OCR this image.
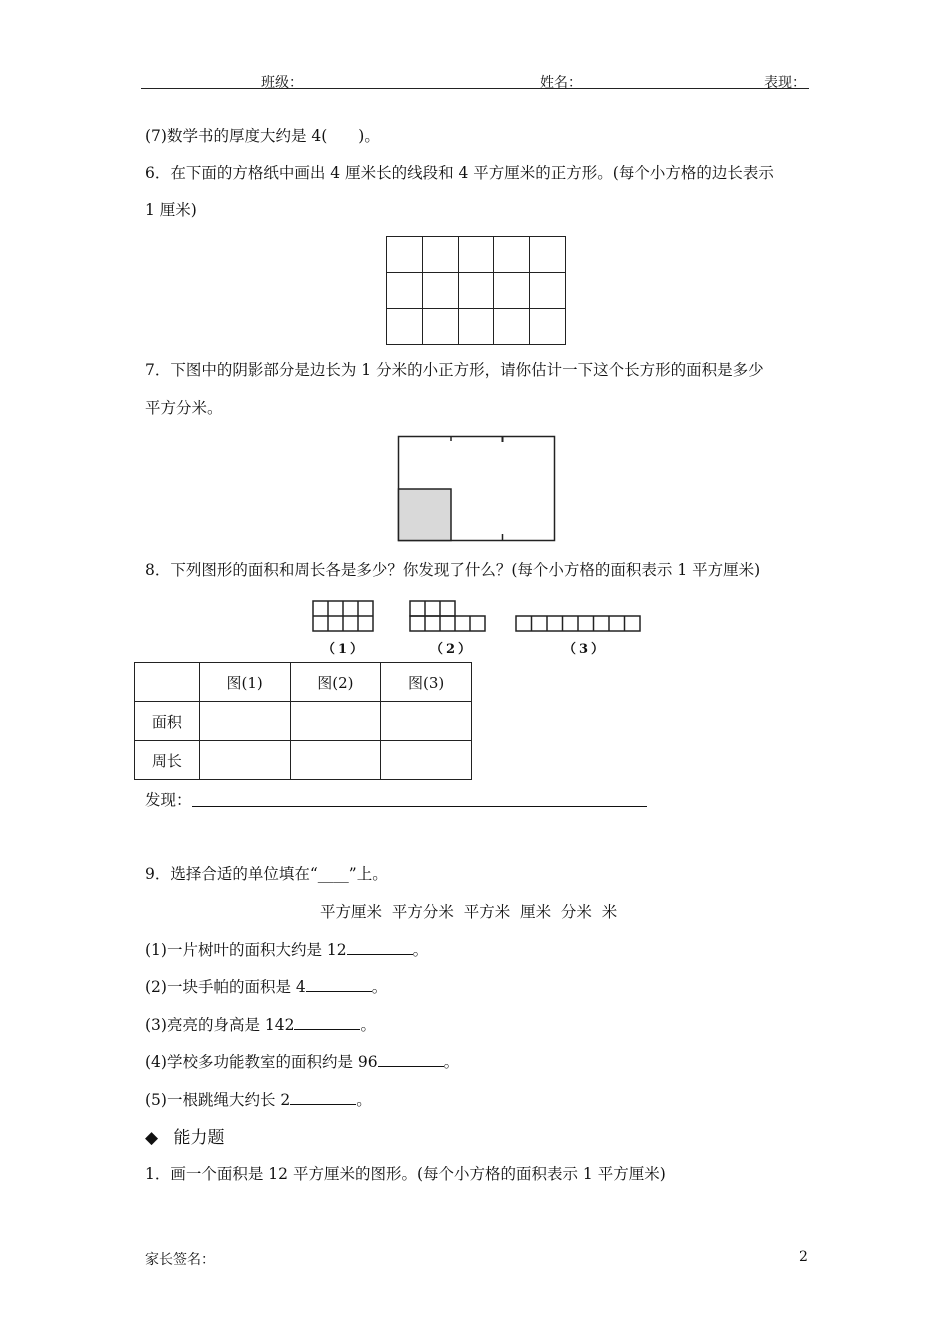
班级：	姓名：	表现：
(7)数学书的厚度大约是 4(　　)。
6．在下面的方格纸中画出 4 厘米长的线段和 4 平方厘米的正方形。(每个小方格的边长表示
1 厘米)

7．下图中的阴影部分是边长为 1 分米的小正方形，请你估计一下这个长方形的面积是多少
平方分米。
8．下列图形的面积和周长各是多少？你发现了什么？(每个小方格的面积表示 1 平方厘米)
（1）	（2）	（3）
	图(1)	图(2)	图(3)
面积			
周长			
发现：
9．选择合适的单位填在“____”上。
平方厘米  平方分米  平方米  厘米  分米  米
(1)一片树叶的面积大约是 12	。
(2)一块手帕的面积是 4	。
(3)亮亮的身高是 142	。
(4)学校多功能教室的面积约是 96	。
(5)一根跳绳大约长 2	。
◆ 能力题
1．画一个面积是 12 平方厘米的图形。(每个小方格的面积表示 1 平方厘米)
家长签名：	2
